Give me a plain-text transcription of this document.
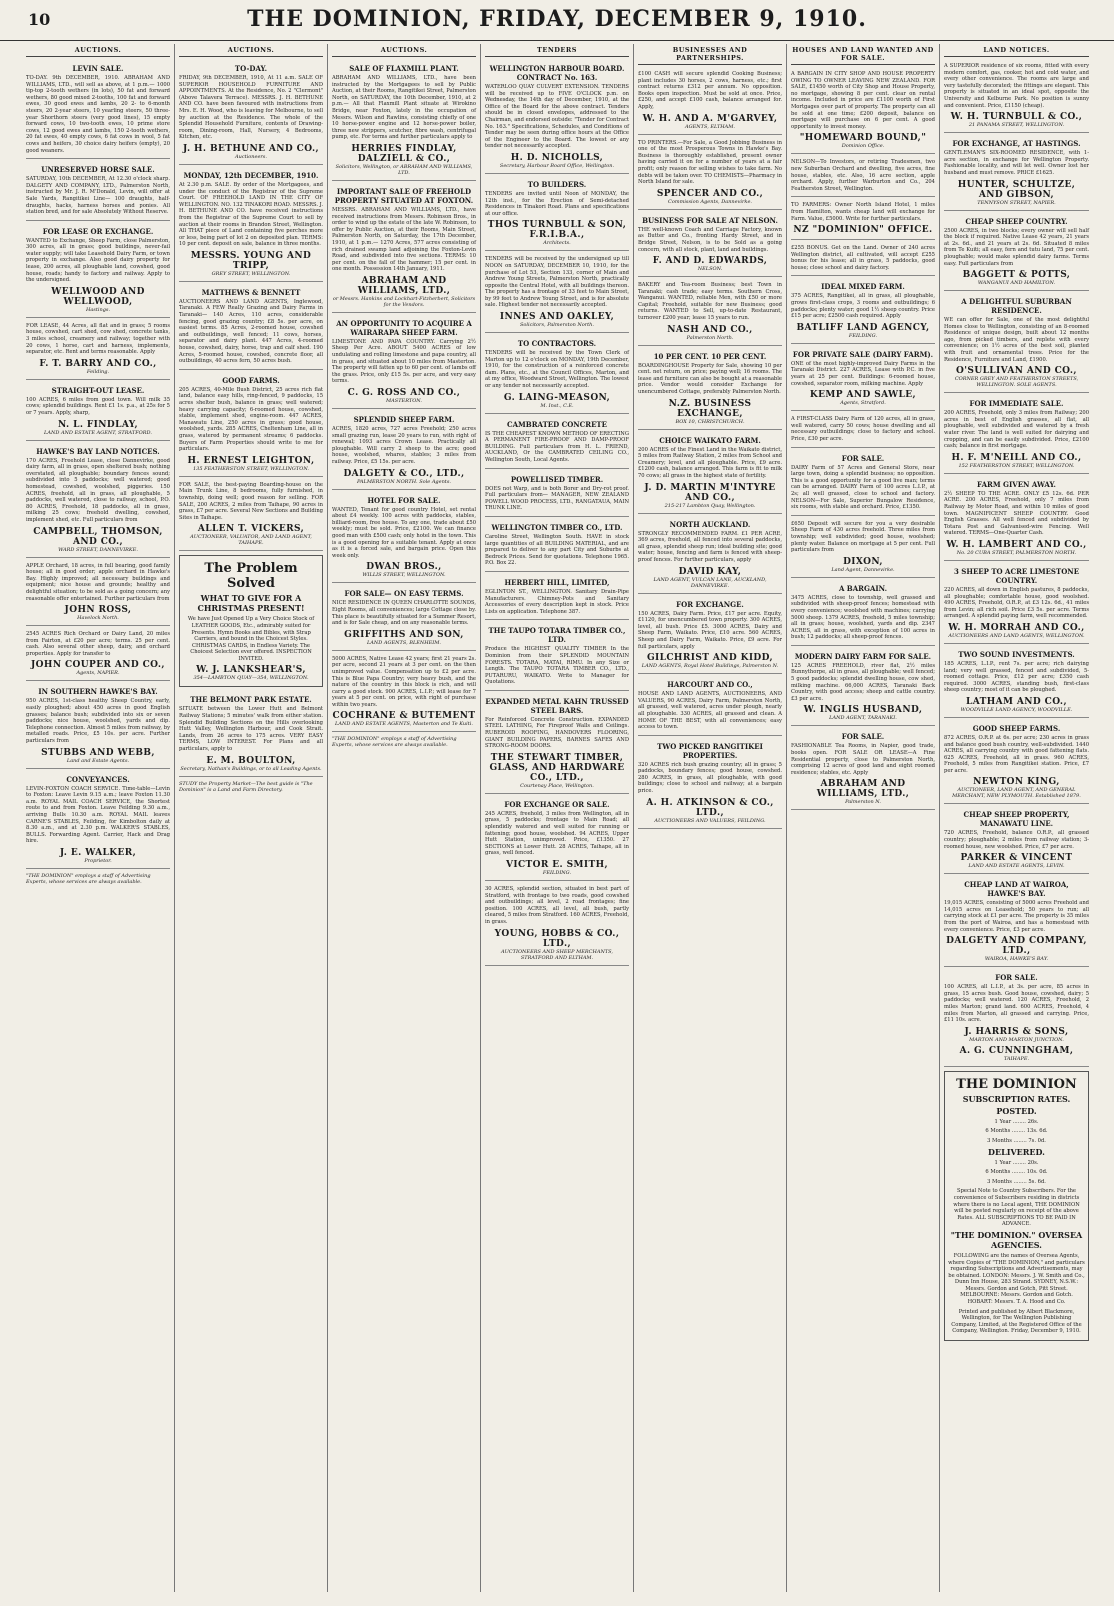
10	THE DOMINION, FRIDAY, DECEMBER 9, 1910.
AUCTIONS.
LEVIN SALE.
TO-DAY. 9th DECEMBER, 1910. ABRAHAM AND WILLIAMS, LTD., will sell as above, at 1 p.m.— 1000 tip-top 2-tooth wethers (in lots), 50 fat and forward wethers, 80 good mixed 2-tooths, 100 fat and forward ewes, 30 good ewes and lambs, 20 2- to 6-month steers, 20 2-year steers, 10 yearling steers, 50 three-year Shorthorn steers (very good lines), 15 empty forward cows, 10 two-tooth ewes, 10 prime store cows, 12 good ewes and lambs, 150 2-tooth wethers, 20 fat ewes, 40 empty cows, 6 fat cows in wool, 5 fat cows and heifers, 30 choice dairy heifers (empty), 20 good weaners.
UNRESERVED HORSE SALE.
SATURDAY, 10th DECEMBER, At 12.30 o'clock sharp. DALGETY AND COMPANY, LTD., Palmerston North, instructed by Mr. J. R. M'Donald, Levin, will offer at Sale Yards, Rangitikei Line— 100 draughts, half-draughts, hacks, harness horses and ponies. All station bred, and for sale Absolutely Without Reserve.
FOR LEASE OR EXCHANGE.
WANTED to Exchange, Sheep Farm, close Palmerston, 300 acres, all in grass; good buildings, never-fail water supply; will take Leasehold Dairy Farm, or town property in exchange. Also good dairy property for lease, 200 acres, all ploughable land, cowshed, good house, roads; handy to factory and railway. Apply to the undersigned.
WELLWOOD AND WELLWOOD,
Hastings.
FOR LEASE, 44 Acres, all flat and in grass; 5 rooms house, cowshed, cart shed, cow shed, concrete tanks, 3 miles school, creamery and railway; together with 20 cows, 1 horse, cart and harness, implements, separator, etc. Rent and terms reasonable. Apply
F. T. BARRY AND CO.,
Feilding.
STRAIGHT-OUT LEASE.
100 ACRES, 6 miles from good town. Will milk 35 cows; splendid buildings. Rent £1 1s. p.a., at 25s for 5 or 7 years. Apply, sharp,
N. L. FINDLAY,
LAND AND ESTATE AGENT, STRATFORD.
HAWKE'S BAY LAND NOTICES.
170 ACRES, Freehold Lease, close Dannevirke, good dairy farm, all in grass, open sheltered bush; nothing overstated, all ploughable; boundary fences sound; subdivided into 5 paddocks; well watered; good homestead, cowshed, woolshed, piggeries. 150 ACRES, freehold, all in grass, all ploughable, 5 paddocks, well watered, close to railway, school, P.O. 80 ACRES, Freehold, 18 paddocks, all in grass, milking 25 cows; freehold dwelling, cowshed, implement shed, etc. Full particulars from
CAMPBELL, THOMSON, AND CO.,
WARD STREET, DANNEVIRKE.
APPLE Orchard, 18 acres, in full bearing, good family house; all in good order; apple orchard in Hawke's Bay. Highly improved; all necessary buildings and equipment; nice house and grounds; healthy and delightful situation; to be sold as a going concern; any reasonable offer entertained. Further particulars from
JOHN ROSS,
Havelock North.
2545 ACRES Rich Orchard or Dairy Land, 20 miles from Fairton, at £20 per acre; terms. 25 per cent. cash. Also several other sheep, dairy, and orchard properties. Apply for transfer to
JOHN COUPER AND CO.,
Agents, NAPIER.
IN SOUTHERN HAWKE'S BAY.
950 ACRES, 1st-class healthy Sheep Country, early, easily ploughed; about 450 acres in good English grasses; balance bush; subdivided into six or seven paddocks; nice house, woolshed, yards and dip. Telephone connection. Almost 5 miles from railway, by metalled roads. Price, £5 10s. per acre. Further particulars from
STUBBS AND WEBB,
Land and Estate Agents.
CONVEYANCES.
LEVIN-FOXTON COACH SERVICE. Time-table—Levin to Foxton: Leave Levin 9.15 a.m.; leave Foxton 11.30 a.m. ROYAL MAIL COACH SERVICE, the Shortest route to and from Foxton. Leave Feilding 9.30 a.m., arriving Bulls 10.30 a.m. ROYAL MAIL leaves CARNE'S STABLES, Feilding, for Kimbolton daily at 8.30 a.m., and at 2.30 p.m. WALKER'S STABLES, BULLS. Forwarding Agent. Carrier, Hack and Drag hire.
J. E. WALKER,
Proprietor.
"THE DOMINION" employs a staff of Advertising Experts, whose services are always available.
AUCTIONS.
TO-DAY.
FRIDAY, 9th DECEMBER, 1910, At 11 a.m. SALE OF SUPERIOR HOUSEHOLD FURNITURE AND APPOINTMENTS. At the Residence, No. 2 "Clermont" (Above Talavera Terrace). MESSRS. J. H. BETHUNE AND CO. have been favoured with instructions from Mrs. E. H. Wood, who is leaving for Melbourne, to sell by auction at the Residence. The whole of the Splendid Household Furniture, contents of Drawing-room, Dining-room, Hall, Nursery, 4 Bedrooms, Kitchen, etc.
J. H. BETHUNE AND CO.,
Auctioneers.
MONDAY, 12th DECEMBER, 1910.
At 2.30 p.m. SALE. By order of the Mortgagees, and under the conduct of the Registrar of the Supreme Court. OF FREEHOLD LAND IN THE CITY OF WELLINGTON. NO. 132 TINAKORI ROAD. MESSRS. J. H. BETHUNE AND CO. have received instructions from the Registrar of the Supreme Court to sell by auction at their rooms in Brandon Street, Wellington. All THAT piece of Land containing five perches more or less, being part of lot 2 on deposited plan. TERMS: 10 per cent. deposit on sale, balance in three months.
MESSRS. YOUNG AND TRIPP,
GREY STREET, WELLINGTON.
MATTHEWS & BENNETT
AUCTIONEERS AND LAND AGENTS, Inglewood, Taranaki. A FEW Really Grazing and Dairy Farms in Taranaki— 140 Acres, 110 acres, considerable fencing, good grazing country; £8 5s. per acre, on easiest terms. 85 Acres, 2-roomed house, cowshed and outbuildings, well fenced; 11 cows, horses, separator and dairy plant. 447 Acres, 4-roomed house, cowshed, dairy, horse, trap and calf shed. 190 Acres, 5-roomed house, cowshed, concrete floor, all outbuildings, 40 acres fern, 50 acres bush.
GOOD FARMS.
205 ACRES, 40-Mile Bush District, 25 acres rich flat land, balance easy hills, ring-fenced, 9 paddocks, 15 acres shelter bush, balance in grass; well watered; heavy carrying capacity; 6-roomed house, cowshed, stable, implement shed, engine-room. 447 ACRES, Manawatu Line, 250 acres in grass; good house, woolshed, yards. 285 ACRES, Cheltenham Line, all in grass, watered by permanent streams; 6 paddocks. Buyers of Farm Properties should write to me for particulars.
H. ERNEST LEIGHTON,
135 FEATHERSTON STREET, WELLINGTON.
FOR SALE, the best-paying Boarding-house on the Main Trunk Line, 8 bedrooms, fully furnished, in township, doing well; good reason for selling. FOR SALE, 200 ACRES, 2 miles from Taihape, 90 acres in grass, £7 per acre. Several New Sections and Building Sites in Taihape.
ALLEN T. VICKERS,
AUCTIONEER, VALUATOR, AND LAND AGENT, TAIHAPE.
The Problem Solved
WHAT TO GIVE FOR A CHRISTMAS PRESENT!
We have Just Opened Up a Very Choice Stock of LEATHER GOODS, Etc., admirably suited for Presents. Hymn Books and Bibles, with Strap Carriers, and bound in the Choicest Styles. CHRISTMAS CARDS, in Endless Variety. The Choicest Selection ever offered. INSPECTION INVITED.
W. J. LANKSHEAR'S,
354—LAMBTON QUAY—354, WELLINGTON.
THE BELMONT PARK ESTATE.
SITUATE between the Lower Hutt and Belmont Railway Stations; 5 minutes' walk from either station. Splendid Building Sections on the Hills overlooking Hutt Valley, Wellington Harbour, and Cook Strait. Lands, from 26 acres to 175 acres. VERY EASY TERMS, LOW INTEREST. For Plans and all particulars, apply to
E. M. BOULTON,
Secretary, Nathan's Buildings, or to all Leading Agents.
STUDY the Property Market—The best guide is "The Dominion" is a Land and Farm Directory.
AUCTIONS.
SALE OF FLAXMILL PLANT.
ABRAHAM AND WILLIAMS, LTD., have been instructed by the Mortgagees to sell by Public Auction, at their Rooms, Rangitikei Street, Palmerston North, on SATURDAY, the 10th December, 1910, at 2 p.m.— All that Flaxmill Plant situate at Wirokino Bridge, near Foxton, lately in the occupation of Messrs. Wilson and Rawlins, consisting chiefly of one 10 horse-power engine and 12 horse-power boiler, three new strippers, scutcher, fibre wash, centrifugal pump, etc. For terms and further particulars apply to
HERRIES FINDLAY, DALZIELL & CO.,
Solicitors, Wellington, or ABRAHAM AND WILLIAMS, LTD.
IMPORTANT SALE OF FREEHOLD PROPERTY SITUATED AT FOXTON.
MESSRS. ABRAHAM AND WILLIAMS, LTD., have received instructions from Messrs. Robinson Bros., in order to wind up the estate of the late W. Robinson, to offer by Public Auction, at their Rooms, Main Street, Palmerston North, on Saturday, the 17th December, 1910, at 1 p.m.— 1270 Acres, 577 acres consisting of rich drained swamp land adjoining the Foxton-Levin Road, and subdivided into five sections. TERMS: 10 per cent. on the fall of the hammer; 15 per cent. in one month. Possession 14th January, 1911.
ABRAHAM AND WILLIAMS, LTD.,
or Messrs. Hankins and Lockhart-Fitzherbert, Solicitors for the Vendors.
AN OPPORTUNITY TO ACQUIRE A WAIRARAPA SHEEP FARM.
LIMESTONE AND PAPA COUNTRY. Carrying 2½ Sheep Per Acre. ABOUT 5400 ACRES of low undulating and rolling limestone and papa country, all in grass, and situated about 10 miles from Masterton. The property will fatten up to 60 per cent. of lambs off the grass. Price, only £15 5s. per acre, and very easy terms.
C. G. ROSS AND CO.,
MASTERTON.
SPLENDID SHEEP FARM.
ACRES, 1820 acres, 727 acres Freehold; 250 acres small grazing run, lease 20 years to run, with right of renewal; 1093 acres Crown Lease. Practically all ploughable. Will carry 2 sheep to the acre; good house, woolshed, whares, stables; 3 miles from railway. Price, £5 15s. per acre.
DALGETY & CO., LTD.,
PALMERSTON NORTH. Sole Agents.
HOTEL FOR SALE.
WANTED, Tenant for good country Hotel, set rental about £4 weekly. 100 acres with paddocks, stables, billiard-room, free house. To any one, trade about £50 weekly; must be sold. Price, £2100. We can finance good man with £500 cash; only hotel in the town. This is a good opening for a suitable tenant. Apply at once as it is a forced sale, and bargain price. Open this week only.
DWAN BROS.,
WILLIS STREET, WELLINGTON.
FOR SALE— ON EASY TERMS.
NICE RESIDENCE IN QUEEN CHARLOTTE SOUNDS, Eight Rooms, all conveniences; large Cottage close by. This place is beautifully situated for a Summer Resort, and is for Sale cheap, and on any reasonable terms.
GRIFFITHS AND SON,
LAND AGENTS, BLENHEIM.
5000 ACRES, Native Lease 42 years; first 21 years 2s. per acre, second 21 years at 3 per cent. on the then unimproved value. Compensation up to £2 per acre. This is Blue Papa Country; very heavy bush, and the nature of the country in this block is rich, and will carry a good stock. 900 ACRES, L.I.P.; will lease for 7 years at 5 per cent. on price, with right of purchase within two years.
COCHRANE & BUTEMENT
LAND AND ESTATE AGENTS, Masterton and Te Kuiti.
"THE DOMINION" employs a staff of Advertising Experts, whose services are always available.
TENDERS
WELLINGTON HARBOUR BOARD. CONTRACT No. 163.
WATERLOO QUAY CULVERT EXTENSION. TENDERS will be received up to FIVE O'CLOCK p.m. on Wednesday, the 14th day of December, 1910, at the Office of the Board for the above contract. Tenders should be in closed envelopes, addressed to the Chairman, and endorsed outside: "Tender for Contract No. 163." Specifications, Schedules, and Conditions of Tender may be seen during office hours at the Office of the Engineer to the Board. The lowest or any tender not necessarily accepted.
H. D. NICHOLLS,
Secretary, Harbour Board Office, Wellington.
TO BUILDERS.
TENDERS are invited until Noon of MONDAY, the 12th inst., for the Erection of Semi-detached Residences in Tinakori Road. Plans and specifications at our office.
THOS TURNBULL & SON, F.R.I.B.A.,
Architects.
TENDERS will be received by the undersigned up till NOON on SATURDAY, DECEMBER 10, 1910, for the purchase of Lot 53, Section 133, corner of Main and Andrew Young Streets, Palmerston North, practically opposite the Central Hotel, with all buildings thereon. The property has a frontage of 33 feet to Main Street, by 99 feet to Andrew Young Street, and is for absolute sale. Highest tender not necessarily accepted.
INNES AND OAKLEY,
Solicitors, Palmerston North.
TO CONTRACTORS.
TENDERS will be received by the Town Clerk of Marton up to 12 o'clock on MONDAY, 19th December, 1910, for the construction of a reinforced concrete dam. Plans, etc., at the Council Offices, Marton, and at my office, Woodward Street, Wellington. The lowest or any tender not necessarily accepted.
G. LAING-MEASON,
M. Inst., C.E.
CAMBRATED CONCRETE
IS THE CHEAPEST KNOWN METHOD OF ERECTING A PERMANENT FIRE-PROOF AND DAMP-PROOF BUILDING. Full particulars from H. L. FRIEND, AUCKLAND, Or the CAMBRATED CEILING CO., Wellington South, Local Agents.
POWELLISED TIMBER.
DOES not Warp, and is both Borer and Dry-rot proof. Full particulars from— MANAGER, NEW ZEALAND POWELL WOOD PROCESS, LTD., RANGATAUA, MAIN TRUNK LINE.
WELLINGTON TIMBER CO., LTD.
Caroline Street, Wellington South. HAVE in stock large quantities of all BUILDING MATERIAL, and are prepared to deliver to any part City and Suburbs at Bedrock Prices. Send for quotations. Telephone 1965. P.O. Box 22.
HERBERT HILL, LIMITED,
EGLINTON ST., WELLINGTON. Sanitary Drain-Pipe Manufacturers. Chimney-Pots and Sanitary Accessories of every description kept in stock. Price Lists on application. Telephone 387.
THE TAUPO TOTARA TIMBER CO., LTD.
Produce the HIGHEST QUALITY TIMBER In the Dominion from their SPLENDID MOUNTAIN FORESTS. TOTARA, MATAI, RIMU. In any Size or Length. The TAUPO TOTARA TIMBER CO., LTD., PUTARURU, WAIKATO. Write to Manager for Quotations.
EXPANDED METAL KAHN TRUSSED STEEL BARS.
For Reinforced Concrete Construction. EXPANDED STEEL LATHING, For Fireproof Walls and Ceilings. RUBEROID ROOFING, HANDOVERS FLOORING, GIANT BUILDING PAPERS, BARNES SAFES AND STRONG-ROOM DOORS.
THE STEWART TIMBER, GLASS, AND HARDWARE CO., LTD.,
Courtenay Place, Wellington.
FOR EXCHANGE OR SALE.
245 ACRES, freehold, 3 miles from Wellington, all in grass, 5 paddocks; frontage to Main Road; all splendidly watered and well suited for running or fattening; good house, woolshed. 94 ACRES, Upper Hutt Station, unimproved. Price, £1350. 27 SECTIONS at Lower Hutt. 28 ACRES, Taihape, all in grass, well fenced.
VICTOR E. SMITH,
FEILDING.
30 ACRES, splendid section, situated in best part of Stratford, with frontage to two roads, good cowshed and outbuildings; all level, 2 road frontages; fine position. 100 ACRES, all level, all bush, partly cleared, 5 miles from Stratford. 160 ACRES, Freehold, in grass.
YOUNG, HOBBS & CO., LTD.,
AUCTIONEERS AND SHEEP MERCHANTS, STRATFORD AND ELTHAM.
BUSINESSES AND PARTNERSHIPS.
£100 CASH will secure splendid Cooking Business; plant includes 30 horses, 2 cows, harness, etc.; first contract returns £312 per annum. No opposition. Books open inspection. Must be sold at once. Price, £250, and accept £100 cash, balance arranged for. Apply,
W. H. AND A. M'GARVEY,
AGENTS, ELTHAM.
TO PRINTERS.—For Sale, a Good Jobbing Business in one of the most Prosperous Towns in Hawke's Bay. Business is thoroughly established, present owner having carried it on for a number of years at a fair profit; only reason for selling wishes to take farm. No debts will be taken over. TO CHEMISTS—Pharmacy in North Island for sale.
SPENCER AND CO.,
Commission Agents, Dannevirke.
BUSINESS FOR SALE AT NELSON.
THE well-known Coach and Carriage Factory, known as Butter and Co., fronting Hardy Street, and in Bridge Street, Nelson, is to be Sold as a going concern, with all stock, plant, land and buildings.
F. AND D. EDWARDS,
NELSON.
BAKERY and Tea-room Business; best Town in Taranaki; cash trade; easy terms. Southern Cross, Wanganui. WANTED, reliable Men, with £50 or more Capital; Freehold, suitable for new Business; good returns. WANTED to Sell, up-to-date Restaurant, turnover £200 year; lease 15 years to run.
NASH AND CO.,
Palmerston North.
10 PER CENT. 10 PER CENT.
BOARDINGHOUSE Property for Sale, showing 10 per cent. net return, on price; paying well; 16 rooms. The lease and furniture can also be bought at a reasonable price. Vendor would consider Exchange for unencumbered Cottage, preferably Palmerston North.
N.Z. BUSINESS EXCHANGE,
BOX 10, CHRISTCHURCH.
CHOICE WAIKATO FARM.
200 ACRES of the Finest Land in the Waikato district, 5 miles from Railway Station, 2 miles from School and Creamery; level, and all ploughable. Price, £9 acre. £1200 cash, balance arranged. This farm is fit to milk 70 cows; all grass in the highest state of fertility.
J. D. MARTIN M'INTYRE AND CO.,
215-217 Lambton Quay, Wellington.
NORTH AUCKLAND.
STRONGLY RECOMMENDED FARM. £1 PER ACRE, 369 acres, freehold, all fenced into several paddocks, all grass, splendid sheep run; ideal building site; good water; house, fencing and farm is fenced with sheep-proof fences. For further particulars, apply
DAVID KAY,
LAND AGENT, VULCAN LANE, AUCKLAND, DANNEVIRKE.
FOR EXCHANGE.
150 ACRES, Dairy Farm. Price, £17 per acre. Equity, £1120, for unencumbered town property. 300 ACRES, level, all bush. Price £5. 3000 ACRES, Dairy and Sheep Farm, Waikato. Price, £10 acre. 560 ACRES, Sheep and Dairy Farm, Waikato. Price, £9 acre. For full particulars, apply
GILCHRIST AND KIDD,
LAND AGENTS, Royal Hotel Buildings, Palmerston N.
HARCOURT AND CO.,
HOUSE AND LAND AGENTS, AUCTIONEERS, AND VALUERS, 90 ACRES, Dairy Farm, Palmerston North, all grassed, well watered, acres under plough, nearly all ploughable. 330 ACRES, all grassed and clean. A HOME OF THE BEST, with all conveniences; easy access to town.
TWO PICKED RANGITIKEI PROPERTIES.
320 ACRES rich bush grazing country; all in grass; 5 paddocks, boundary fences; good house, cowshed. 280 ACRES, in grass, all ploughable, with good buildings; close to school and railway; at a bargain price.
A. H. ATKINSON & CO., LTD.,
AUCTIONEERS AND VALUERS, FEILDING.
HOUSES AND LAND WANTED AND FOR SALE.
A BARGAIN IN CITY SHOP AND HOUSE PROPERTY OWING TO OWNER LEAVING NEW ZEALAND. FOR SALE, £1450 worth of City Shop and House Property, no mortgage, showing 8 per cent. clear on rental income. Included in price are £1100 worth of First Mortgages over part of property. The property can all be sold at one time; £200 deposit, balance on mortgage will purchase on 6 per cent. A good opportunity to invest money.
"HOMEWARD BOUND,"
Dominion Office.
NELSON—To Investors, or retiring Tradesmen, two new Suburban Orchard and dwelling, five acres, fine house, stables, etc. Also, 16 acre section, apple orchard. Apply, further Warburton and Co., 204 Featherston Street, Wellington.
TO FARMERS: Owner North Island Hotel, 1 miles from Hamilton, wants cheap land will exchange for Farm. Value, £5000. Write for further particulars.
NZ "DOMINION" OFFICE.
£255 BONUS. Get on the Land. Owner of 240 acres Wellington district, all cultivated, will accept £255 bonus for his lease; all in grass, 5 paddocks, good house; close school and dairy factory.
IDEAL MIXED FARM.
375 ACRES, Rangitikei, all in grass, all ploughable, grows first-class crops, 3 rooms and outbuildings; 6 paddocks; plenty water; good 1½ sheep country. Price £15 per acre; £2500 cash required. Apply
BATLIFF LAND AGENCY,
FEILDING.
FOR PRIVATE SALE (DAIRY FARM).
ONE of the most highly-improved Dairy Farms in the Taranaki District. 227 ACRES, Lease with P.C. in five years at 25 per cent. Buildings: 6-roomed house, cowshed, separator room, milking machine. Apply
KEMP AND SAWLE,
Agents, Stratford.
A FIRST-CLASS Dairy Farm of 120 acres, all in grass, well watered, carry 50 cows; house dwelling and all necessary outbuildings; close to factory and school. Price, £30 per acre.
FOR SALE.
DAIRY Farm of 57 Acres and General Store, near large town, doing a splendid business; no opposition. This is a good opportunity for a good live man; terms can be arranged. DAIRY Farm of 100 acres L.I.P., at 2s; all well grassed, close to school and factory. NELSON—For Sale, Superior Bungalow Residence, six rooms, with stable and orchard. Price, £1350.
£650 Deposit will secure for you a very desirable Sheep Farm of 430 acres freehold. Three miles from township; well subdivided; good house, woolshed; plenty water. Balance on mortgage at 5 per cent. Full particulars from
DIXON,
Land Agent, Dannevirke.
A BARGAIN.
3475 ACRES, close to township, well grassed and subdivided with sheep-proof fences; homestead with every convenience; woolshed with machines; carrying 5000 sheep. 1379 ACRES, freehold, 5 miles township; all in grass; house, woolshed, yards and dip. 2347 ACRES, all in grass, with exception of 100 acres in bush; 12 paddocks; all sheep-proof fences.
MODERN DAIRY FARM FOR SALE.
125 ACRES FREEHOLD, river flat, 2½ miles Bunnythorpe, all in grass, all ploughable; well fenced; 5 good paddocks; splendid dwelling house, cow shed, milking machine. 66,000 ACRES, Taranaki Back Country, with good access; sheep and cattle country. £3 per acre.
W. INGLIS HUSBAND,
LAND AGENT, TARANAKI.
FOR SALE.
FASHIONABLE Tea Rooms, in Napier, good trade, books open. FOR SALE OR LEASE—A Fine Residential property, close to Palmerston North, comprising 12 acres of good land and eight roomed residence; stables, etc. Apply
ABRAHAM AND WILLIAMS, LTD.,
Palmerston N.
LAND NOTICES.
A SUPERIOR residence of six rooms, fitted with every modern comfort, gas, cooker, hot and cold water, and every other convenience. The rooms are large and very tastefully decorated; the fittings are elegant. This property is situated in an ideal spot, opposite the University and Kelburne Park. No position is sunny and convenient. Price, £1150 (cheap).
W. H. TURNBULL & CO.,
21 PANAMA STREET, WELLINGTON.
FOR EXCHANGE, AT HASTINGS.
GENTLEMAN'S SIX-ROOMED RESIDENCE, with 1-acre section, in exchange for Wellington Property. Fashionable locality, and will let well. Owner lost her husband and must remove. PRICE £1625.
HUNTER, SCHULTZE, AND GIBSON,
TENNYSON STREET, NAPIER.
CHEAP SHEEP COUNTRY.
2500 ACRES, in two blocks; every owner will sell half the block if required. Native Lease 42 years, 21 years at 2s. 6d., and 21 years at 2s. 6d. Situated 8 miles from Te Kuiti; all easy, fern and tutu land, 75 per cent. ploughable; would make splendid dairy farms. Terms easy. Full particulars from
BAGGETT & POTTS,
WANGANUI AND HAMILTON.
A DELIGHTFUL SUBURBAN RESIDENCE.
WE can offer for Sale, one of the most delightful Homes close to Wellington, consisting of an 8-roomed Residence of unique design, built about 12 months ago, from picked timbers, and replete with every convenience; on 1½ acres of the best soil, planted with fruit and ornamental trees. Price for the Residence, Furniture and Land, £1900.
O'SULLIVAN AND CO.,
CORNER GREY AND FEATHERSTON STREETS, WELLINGTON. SOLE AGENTS.
FOR IMMEDIATE SALE.
200 ACRES, Freehold, only 3 miles from Railway; 200 acres in best of English grasses, all flat, all ploughable, well subdivided and watered by a fresh water river. The land is well suited for dairying and cropping, and can be easily subdivided. Price, £2100 cash; balance in first mortgage.
H. F. M'NEILL AND CO.,
152 FEATHERSTON STREET, WELLINGTON.
FARM GIVEN AWAY.
2½ SHEEP TO THE ACRE. ONLY £5 12s. 6d. PER ACRE. 200 ACRES, Freehold, only 7 miles from Railway by Motor Road, and within 10 miles of good town. MAGNIFICENT SHEEP COUNTRY. Good English Grasses. All well fenced and subdivided by Totara Post and Galvanised-wire Fencing. Well watered. TERMS—One-Quarter Cash.
W. H. LAMBERT AND CO.,
No. 20 CUBA STREET, PALMERSTON NORTH.
3 SHEEP TO ACRE LIMESTONE COUNTRY.
220 ACRES, all down in English pastures, 8 paddocks, all ploughable; comfortable house, good woolshed. 490 ACRES, Freehold, O.R.P., at £3 12s. 6d., 41 miles from Levin; all rich soil. Price £3 5s. per acre. Terms arranged. A splendid paying farm, well recommended.
W. H. MORRAH AND CO.,
AUCTIONEERS AND LAND AGENTS, WELLINGTON.
TWO SOUND INVESTMENTS.
185 ACRES, L.I.P., rent 7s. per acre; rich dairying land; very well grassed, fenced and subdivided, 5-roomed cottage. Price, £12 per acre; £350 cash required. 3000 ACRES, standing bush, first-class sheep country; most of it can be ploughed.
LATHAM AND CO.,
WOODVILLE LAND AGENCY, WOODVILLE.
GOOD SHEEP FARMS.
872 ACRES, O.R.P. at 6s. per acre; 230 acres in grass and balance good bush country, well-subdivided. 1440 ACRES, all carrying country with good fattening flats. 625 ACRES, Freehold, all in grass. 960 ACRES, Freehold, 5 miles from Rangitikei station. Price, £7 per acre.
NEWTON KING,
AUCTIONEER, LAND AGENT, AND GENERAL MERCHANT, NEW PLYMOUTH. Established 1879.
CHEAP SHEEP PROPERTY, MANAWATU LINE.
720 ACRES, Freehold, balance O.R.P., all grassed country; ploughable; 2 miles from railway station; 3-roomed house, new woolshed. Price, £7 per acre.
PARKER & VINCENT
LAND AND ESTATE AGENTS, LEVIN.
CHEAP LAND AT WAIROA, HAWKE'S BAY.
19,015 ACRES, consisting of 5000 acres Freehold and 14,015 acres on Leasehold; 50 years to run; all carrying stock at £1 per acre. The property is 35 miles from the port of Wairoa, and has a homestead with every convenience. Price, £3 per acre.
DALGETY AND COMPANY, LTD.,
WAIROA, HAWKE'S BAY.
FOR SALE.
100 ACRES, all L.I.P., at 3s. per acre, 85 acres in grass, 15 acres bush. Good house, cowshed, dairy; 5 paddocks; well watered. 120 ACRES, Freehold, 2 miles Marton; grand land. 600 ACRES, Freehold, 4 miles from Marton, all grassed and carrying. Price, £11 10s. acre.
J. HARRIS & SONS,
MARTON AND MARTON JUNCTION.
A. G. CUNNINGHAM,
TAIHAPE.
THE DOMINION
SUBSCRIPTION RATES.
POSTED.
1 Year ........ 26s.
6 Months ........ 13s. 6d.
3 Months ........ 7s. 0d.
DELIVERED.
1 Year ........ 20s.
6 Months ........ 10s. 0d.
3 Months ........ 5s. 6d.
Special Note to Country Subscribers. For the convenience of Subscribers residing in districts where there is no Local agent, THE DOMINION will be posted regularly on receipt of the above Rates. ALL SUBSCRIPTIONS TO BE PAID IN ADVANCE.
"THE DOMINION." OVERSEA AGENCIES.
FOLLOWING are the names of Oversea Agents, where Copies of "THE DOMINION," and particulars regarding Subscriptions and Advertisements, may be obtained. LONDON: Messrs. J. W. Smith and Co., Dunn Inn House, 283 Strand. SYDNEY, N.S.W.: Messrs. Gordon and Gotch, Pitt Street. MELBOURNE: Messrs. Gordon and Gotch. HOBART: Messrs. T. A. Hood and Co.
Printed and published by Albert Blackmore, Wellington, for The Wellington Publishing Company, Limited, at the Registered Office of the Company, Wellington. Friday, December 9, 1910.
